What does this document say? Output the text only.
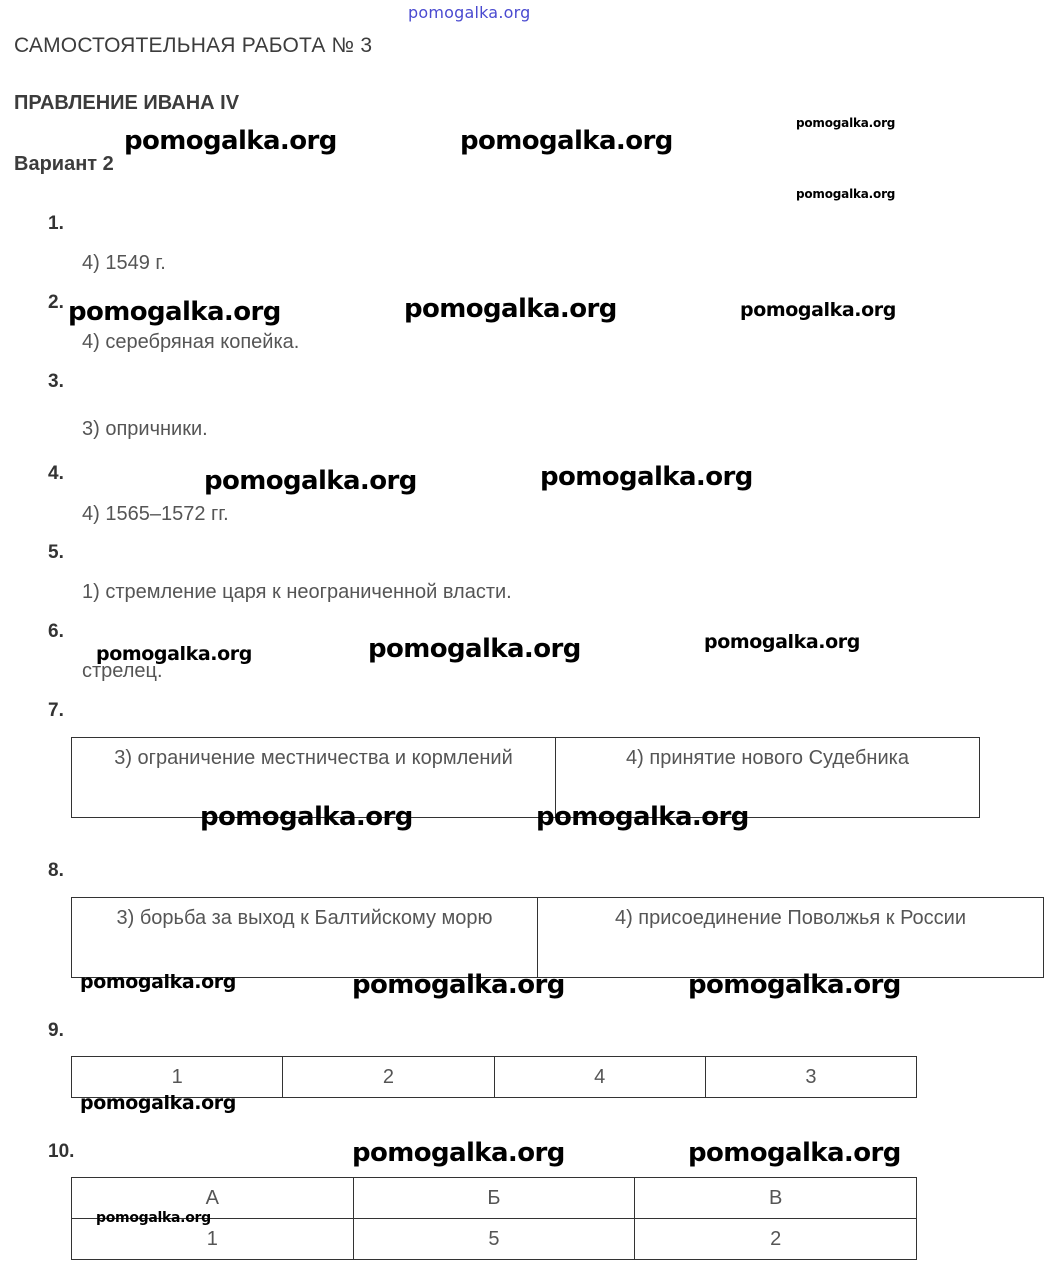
pomogalka.org
САМОСТОЯТЕЛЬНАЯ РАБОТА № 3
ПРАВЛЕНИЕ ИВАНА IV
Вариант 2
1.
4) 1549 г.
2.
4) серебряная копейка.
3.
3) опричники.
4.
4) 1565–1572 гг.
5.
1) стремление царя к неограниченной власти.
6.
стрелец.
7.
3) ограничение местничества и кормлений	4) принятие нового Судебника
8.
3) борьба за выход к Балтийскому морю	4) присоединение Поволжья к России
9.
1	2	4	3
10.
А	Б	В
1	5	2
pomogalka.org
pomogalka.org	pomogalka.org
pomogalka.org
pomogalka.org	pomogalka.org	pomogalka.org
pomogalka.org	pomogalka.org
pomogalka.org	pomogalka.org	pomogalka.org
pomogalka.org	pomogalka.org
pomogalka.org	pomogalka.org	pomogalka.org
pomogalka.org
pomogalka.org	pomogalka.org
pomogalka.org
